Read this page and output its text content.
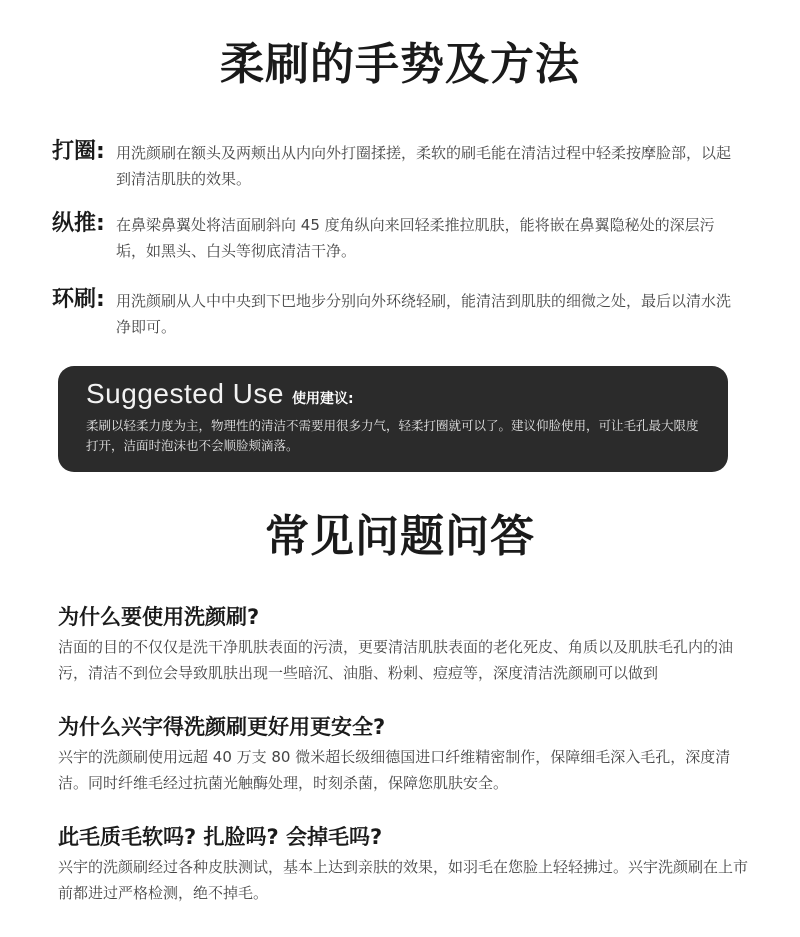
柔刷的手势及方法
打圈: 用洗颜刷在额头及两颊出从内向外打圈揉搓，柔软的刷毛能在清洁过程中轻柔按摩脸部，以起到清洁肌肤的效果。
纵推: 在鼻梁鼻翼处将洁面刷斜向 45 度角纵向来回轻柔推拉肌肤，能将嵌在鼻翼隐秘处的深层污垢，如黑头、白头等彻底清洁干净。
环刷: 用洗颜刷从人中中央到下巴地步分别向外环绕轻刷，能清洁到肌肤的细微之处，最后以清水洗净即可。
Suggested Use 使用建议:
柔刷以轻柔力度为主，物理性的清洁不需要用很多力气，轻柔打圈就可以了。建议仰脸使用，可让毛孔最大限度打开，洁面时泡沫也不会顺脸颊滴落。
常见问题问答
为什么要使用洗颜刷?
洁面的目的不仅仅是洗干净肌肤表面的污渍，更要清洁肌肤表面的老化死皮、角质以及肌肤毛孔内的油污，清洁不到位会导致肌肤出现一些暗沉、油脂、粉刺、痘痘等，深度清洁洗颜刷可以做到
为什么兴宇得洗颜刷更好用更安全?
兴宇的洗颜刷使用远超 40 万支 80 微米超长级细德国进口纤维精密制作，保障细毛深入毛孔，深度清洁。同时纤维毛经过抗菌光触酶处理，时刻杀菌，保障您肌肤安全。
此毛质毛软吗? 扎脸吗? 会掉毛吗?
兴宇的洗颜刷经过各种皮肤测试，基本上达到亲肤的效果，如羽毛在您脸上轻轻拂过。兴宇洗颜刷在上市前都进过严格检测，绝不掉毛。
